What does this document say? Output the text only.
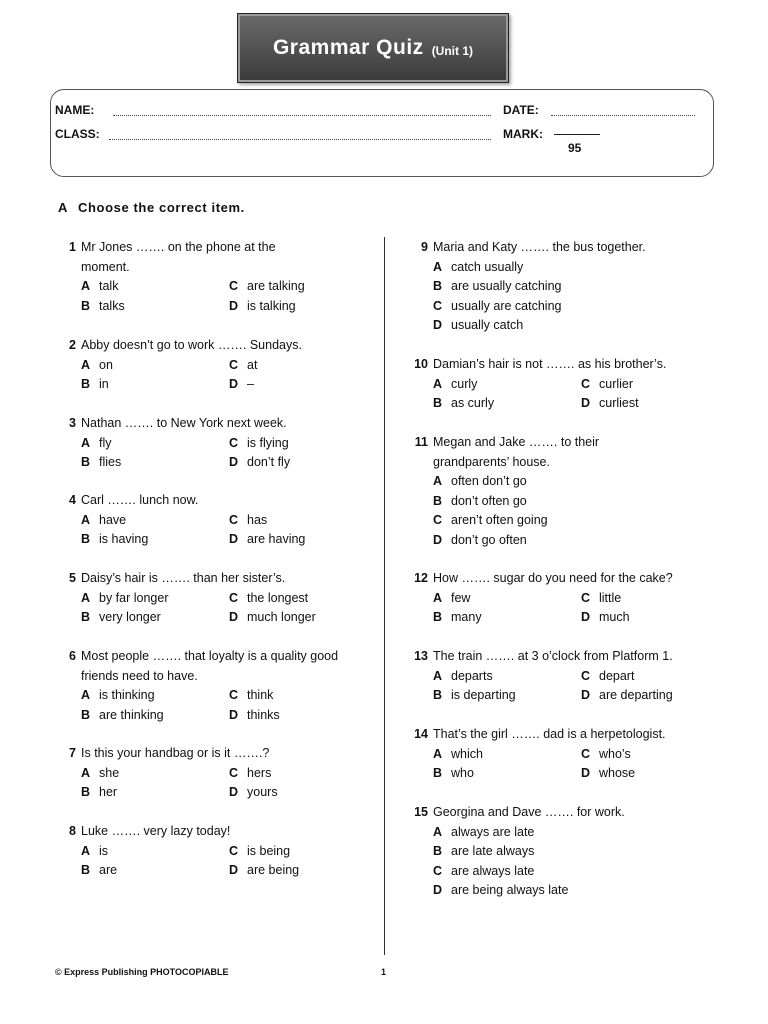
Grammar Quiz (Unit 1)
NAME:	DATE:
CLASS:	MARK:
95
A Choose the correct item.
1 Mr Jones ……. on the phone at the moment.
A talk	C are talking
B talks	D is talking
2 Abby doesn’t go to work ……. Sundays.
A on	C at
B in	D –
3 Nathan ……. to New York next week.
A fly	C is flying
B flies	D don’t fly
4 Carl ……. lunch now.
A have	C has
B is having	D are having
5 Daisy’s hair is ……. than her sister’s.
A by far longer	C the longest
B very longer	D much longer
6 Most people ……. that loyalty is a quality good friends need to have.
A is thinking	C think
B are thinking	D thinks
7 Is this your handbag or is it …….?
A she	C hers
B her	D yours
8 Luke ……. very lazy today!
A is	C is being
B are	D are being
9 Maria and Katy ……. the bus together.
A catch usually
B are usually catching
C usually are catching
D usually catch
10 Damian’s hair is not ……. as his brother’s.
A curly	C curlier
B as curly	D curliest
11 Megan and Jake ……. to their grandparents’ house.
A often don’t go
B don’t often go
C aren’t often going
D don’t go often
12 How ……. sugar do you need for the cake?
A few	C little
B many	D much
13 The train ……. at 3 o’clock from Platform 1.
A departs	C depart
B is departing	D are departing
14 That’s the girl ……. dad is a herpetologist.
A which	C who’s
B who	D whose
15 Georgina and Dave ……. for work.
A always are late
B are late always
C are always late
D are being always late
© Express Publishing PHOTOCOPIABLE	1
